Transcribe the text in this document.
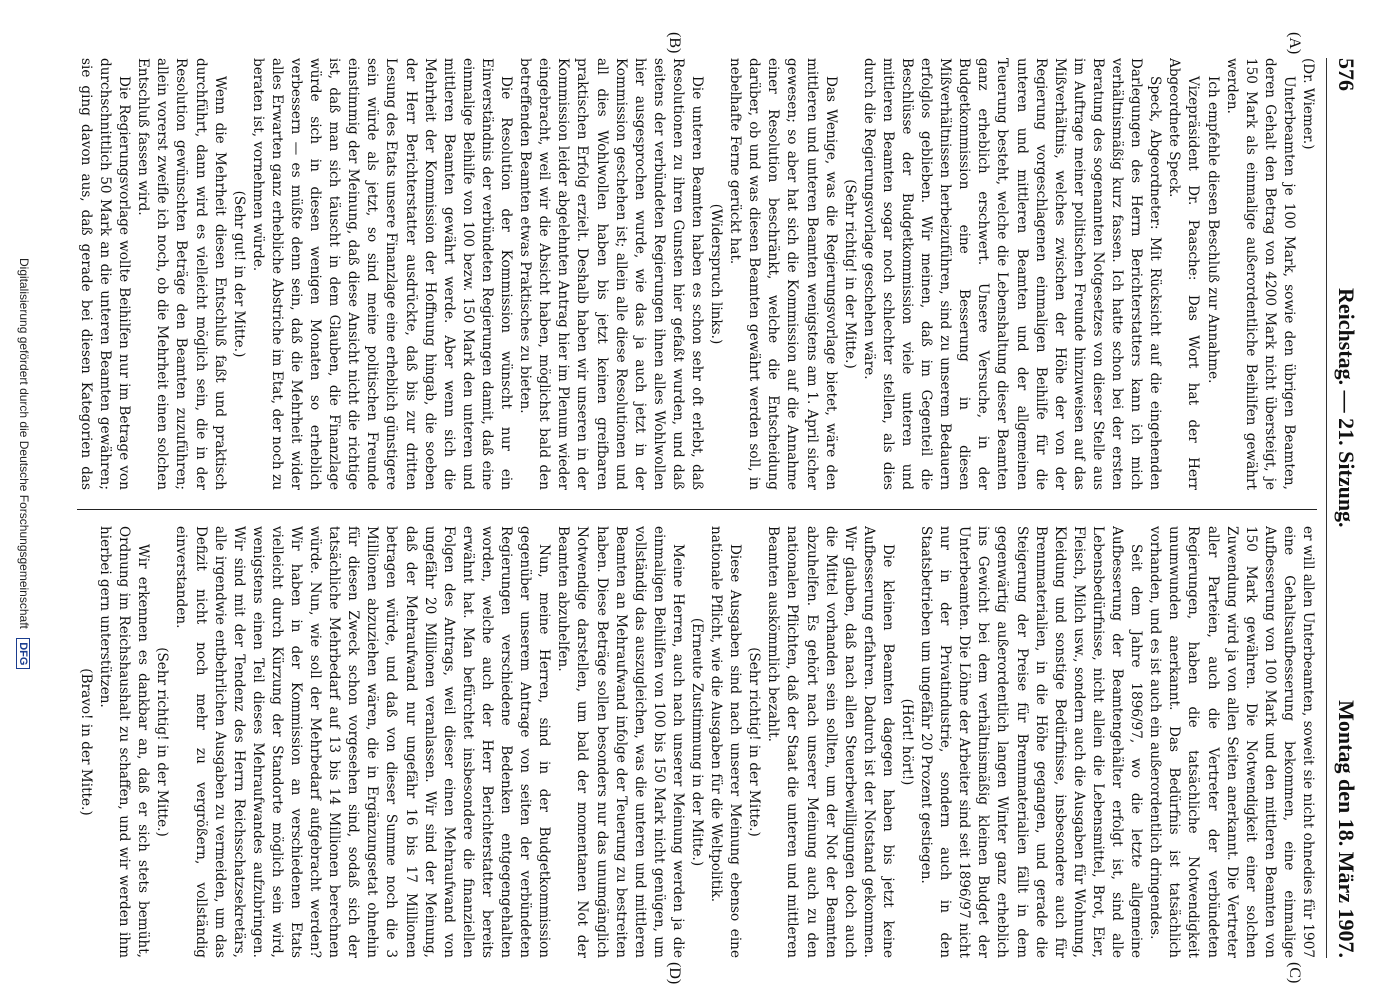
576
Reichstag. — 21. Sitzung.
Montag den 18. März 1907.
(A)
(B)
(C)
(D)

(Dr. Wiemer.)

Unterbeamten je 100 Mark, sowie den übrigen Beamten, deren Gehalt den Betrag von 4200 Mark nicht übersteigt, je 150 Mark als einmalige außerordentliche Beihilfen gewährt werden.

Ich empfehle diesen Beschluß zur Annahme.

Vizepräsident Dr. Paasche: Das Wort hat der Herr Abgeordnete Speck.

Speck, Abgeordneter: Mit Rücksicht auf die eingehenden Darlegungen des Herrn Berichterstatters kann ich mich verhältnismäßig kurz fassen. Ich hatte schon bei der ersten Beratung des sogenannten Notgesetzes von dieser Stelle aus im Auftrage meiner politischen Freunde hinzuweisen auf das Mißverhältnis, welches zwischen der Höhe der von der Regierung vorgeschlagenen einmaligen Beihilfe für die unteren und mittleren Beamten und der allgemeinen Teuerung besteht, welche die Lebenshaltung dieser Beamten ganz erheblich erschwert. Unsere Versuche, in der Budgetkommission eine Besserung in diesen Mißverhältnissen herbeizuführen, sind zu unserem Bedauern erfolglos geblieben. Wir meinen, daß im Gegenteil die Beschlüsse der Budgetkommission viele unteren und mittleren Beamten sogar noch schlechter stellen, als dies durch die Regierungsvorlage geschehen wäre.

(Sehr richtig! in der Mitte.)

Das Wenige, was die Regierungsvorlage bietet, wäre den mittleren und unteren Beamten wenigstens am 1. April sicher gewesen; so aber hat sich die Kommission auf die Annahme einer Resolution beschränkt, welche die Entscheidung darüber, ob und was diesen Beamten gewährt werden soll, in nebelhafte Ferne gerückt hat.

(Widerspruch links.)

Die unteren Beamten haben es schon sehr oft erlebt, daß Resolutionen zu ihren Gunsten hier gefaßt wurden, und daß seitens der verbündeten Regierungen ihnen alles Wohlwollen hier ausgesprochen wurde, wie das ja auch jetzt in der Kommission geschehen ist; allein alle diese Resolutionen und all dies Wohlwollen haben bis jetzt keinen greifbaren praktischen Erfolg erzielt. Deshalb haben wir unseren in der Kommission leider abgelehnten Antrag hier im Plenum wieder eingebracht, weil wir die Absicht haben, möglichst bald den betreffenden Beamten etwas Praktisches zu bieten.

Die Resolution der Kommission wünscht nur ein Einverständnis der verbündeten Regierungen damit, daß eine einmalige Beihilfe von 100 bezw. 150 Mark den unteren und mittleren Beamten gewährt werde. Aber wenn sich die Mehrheit der Kommission der Hoffnung hingab, die soeben der Herr Berichterstatter ausdrückte, daß bis zur dritten Lesung des Etats unsere Finanzlage eine erheblich günstigere sein würde als jetzt, so sind meine politischen Freunde einstimmig der Meinung, daß diese Ansicht nicht die richtige ist, daß man sich täuscht in dem Glauben, die Finanzlage würde sich in diesen wenigen Monaten so erheblich verbessern — es müßte denn sein, daß die Mehrheit wider alles Erwarten ganz erhebliche Abstriche im Etat, der noch zu beraten ist, vornehmen würde.

(Sehr gut! in der Mitte.)

Wenn die Mehrheit diesen Entschluß faßt und praktisch durchführt, dann wird es vielleicht möglich sein, die in der Resolution gewünschten Beträge den Beamten zuzuführen; allein vorerst zweifle ich noch, ob die Mehrheit einen solchen Entschluß fassen wird.

Die Regierungsvorlage wollte Beihilfen nur im Betrage von durchschnittlich 50 Mark an die unteren Beamten gewähren; sie ging davon aus, daß gerade bei diesen Kategorien das

er will allen Unterbeamten, soweit sie nicht ohnedies für 1907 eine Gehaltsaufbesserung bekommen, eine einmalige Aufbesserung von 100 Mark und den mittleren Beamten von 150 Mark gewähren. Die Notwendigkeit einer solchen Zuwendung wird ja von allen Seiten anerkannt. Die Vertreter aller Parteien, auch die Vertreter der verbündeten Regierungen, haben die tatsächliche Notwendigkeit unumwunden anerkannt. Das Bedürfnis ist tatsächlich vorhanden, und es ist auch ein außerordentlich dringendes.

Seit dem Jahre 1896/97, wo die letzte allgemeine Aufbesserung der Beamtengehälter erfolgt ist, sind alle Lebensbedürfnisse, nicht allein die Lebensmittel, Brot, Eier, Fleisch, Milch usw., sondern auch die Ausgaben für Wohnung, Kleidung und sonstige Bedürfnisse, insbesondere auch für Brennmaterialien, in die Höhe gegangen, und gerade die Steigerung der Preise für Brennmaterialien fällt in dem gegenwärtig außerordentlich langen Winter ganz erheblich ins Gewicht bei dem verhältnismäßig kleinen Budget der Unterbeamten. Die Löhne der Arbeiter sind seit 1896/97 nicht nur in der Privatindustrie, sondern auch in den Staatsbetrieben um ungefähr 20 Prozent gestiegen.

(Hört! hört!)

Die kleinen Beamten dagegen haben bis jetzt keine Aufbesserung erfahren. Dadurch ist der Notstand gekommen. Wir glauben, daß nach allen Steuerbewilligungen doch auch die Mittel vorhanden sein sollten, um der Not der Beamten abzuhelfen. Es gehört nach unserer Meinung auch zu den nationalen Pflichten, daß der Staat die unteren und mittleren Beamten auskömmlich bezahlt.

(Sehr richtig! in der Mitte.)

Diese Ausgaben sind nach unserer Meinung ebenso eine nationale Pflicht, wie die Ausgaben für die Weltpolitik.

(Erneute Zustimmung in der Mitte.)

Meine Herren, auch nach unserer Meinung werden ja die einmaligen Beihilfen von 100 bis 150 Mark nicht genügen, um vollständig das auszugleichen, was die unteren und mittleren Beamten an Mehraufwand infolge der Teuerung zu bestreiten haben. Diese Beträge sollen besonders nur das unumgänglich Notwendige darstellen, um bald der momentanen Not der Beamten abzuhelfen.

Nun, meine Herren, sind in der Budgetkommission gegenüber unserem Antrage von seiten der verbündeten Regierungen verschiedene Bedenken entgegengehalten worden, welche auch der Herr Berichterstatter bereits erwähnt hat. Man befürchtet insbesondere die finanziellen Folgen des Antrags, weil dieser einen Mehraufwand von ungefähr 20 Millionen veranlassen. Wir sind der Meinung, daß der Mehraufwand nur ungefähr 16 bis 17 Millionen betragen würde, und daß von dieser Summe noch die 3 Millionen abzuziehen wären, die in Ergänzungsetat ohnehin für diesen Zweck schon vorgesehen sind, sodaß sich der tatsächliche Mehrbedarf auf 13 bis 14 Millionen berechnen würde. Nun, wie soll der Mehrbedarf aufgebracht werden? Wir haben in der Kommission an verschiedenen Etats vielleicht durch Kürzung der Standorte möglich sein wird, wenigstens einen Teil dieses Mehraufwandes aufzubringen. Wir sind mit der Tendenz des Herrn Reichsschatzsekretärs, alle irgendwie entbehrlichen Ausgaben zu vermeiden, um das Defizit nicht noch mehr zu vergrößern, vollständig einverstanden.

(Sehr richtig! in der Mitte.)

Wir erkennen es dankbar an, daß er sich stets bemüht, Ordnung im Reichshaushalt zu schaffen, und wir werden ihm hierbei gern unterstützen.

(Bravo! in der Mitte.)

Digitalisierung gefördert durch die Deutsche Forschungsgemeinschaft DFG
